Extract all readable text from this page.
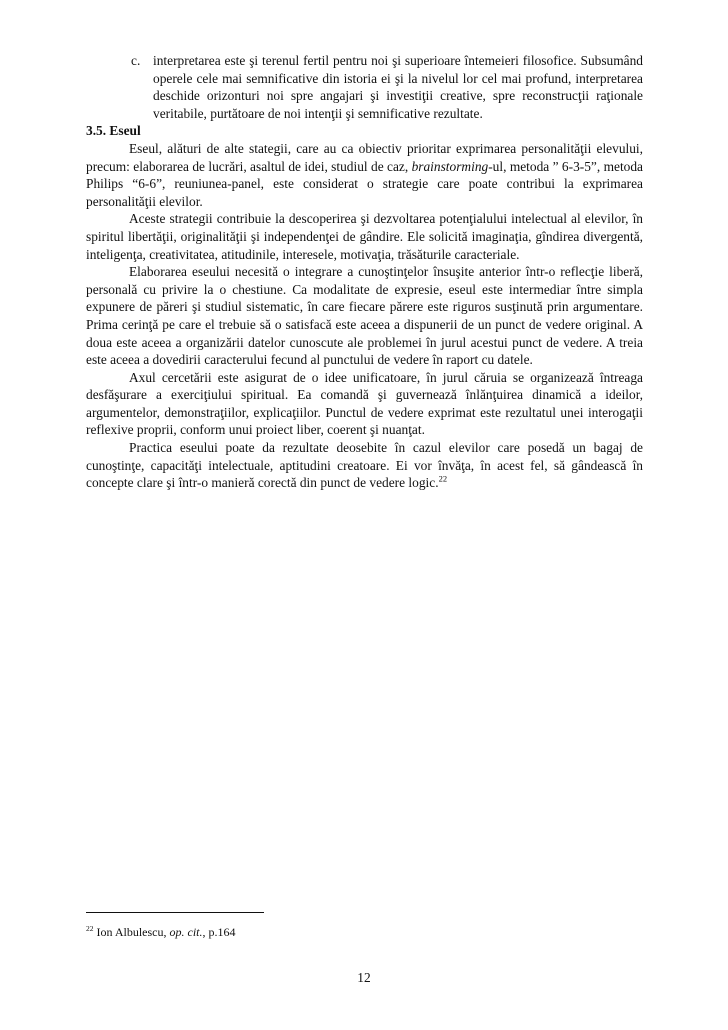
c. interpretarea este şi terenul fertil pentru noi şi superioare întemeieri filosofice. Subsumând operele cele mai semnificative din istoria ei şi la nivelul lor cel mai profund, interpretarea deschide orizonturi noi spre angajari şi investiţii creative, spre reconstrucţii raţionale veritabile, purtătoare de noi intenţii şi semnificative rezultate.
3.5. Eseul

Eseul, alături de alte stategii, care au ca obiectiv prioritar exprimarea personalităţii elevului, precum: elaborarea de lucrări, asaltul de idei, studiul de caz, brainstorming-ul, metoda ” 6-3-5”, metoda Philips “6-6”, reuniunea-panel, este considerat o strategie care poate contribui la exprimarea personalităţii elevilor.

Aceste strategii contribuie la descoperirea şi dezvoltarea potenţialului intelectual al elevilor, în spiritul libertăţii, originalităţii şi independenţei de gândire. Ele solicită imaginaţia, gîndirea divergentă, inteligenţa, creativitatea, atitudinile, interesele, motivaţia, trăsăturile caracteriale.

Elaborarea eseului necesită o integrare a cunoştinţelor însuşite anterior într-o reflecţie liberă, personală cu privire la o chestiune. Ca modalitate de expresie, eseul este intermediar între simpla expunere de păreri şi studiul sistematic, în care fiecare părere este riguros susţinută prin argumentare. Prima cerinţă pe care el trebuie să o satisfacă este aceea a dispunerii de un punct de vedere original. A doua este aceea a organizării datelor cunoscute ale problemei în jurul acestui punct de vedere. A treia este aceea a dovedirii caracterului fecund al punctului de vedere în raport cu datele.

Axul cercetării este asigurat de o idee unificatoare, în jurul căruia se organizează întreaga desfăşurare a exerciţiului spiritual. Ea comandă şi guvernează înlănţuirea dinamică a ideilor, argumentelor, demonstraţiilor, explicaţiilor. Punctul de vedere exprimat este rezultatul unei interogaţii reflexive proprii, conform unui proiect liber, coerent şi nuanţat.

Practica eseului poate da rezultate deosebite în cazul elevilor care posedă un bagaj de cunoştinţe, capacităţi intelectuale, aptitudini creatoare. Ei vor învăţa, în acest fel, să gândească în concepte clare şi într-o manieră corectă din punct de vedere logic.$^{22}$

$^{22}$ Ion Albulescu, op. cit., p.164
12
